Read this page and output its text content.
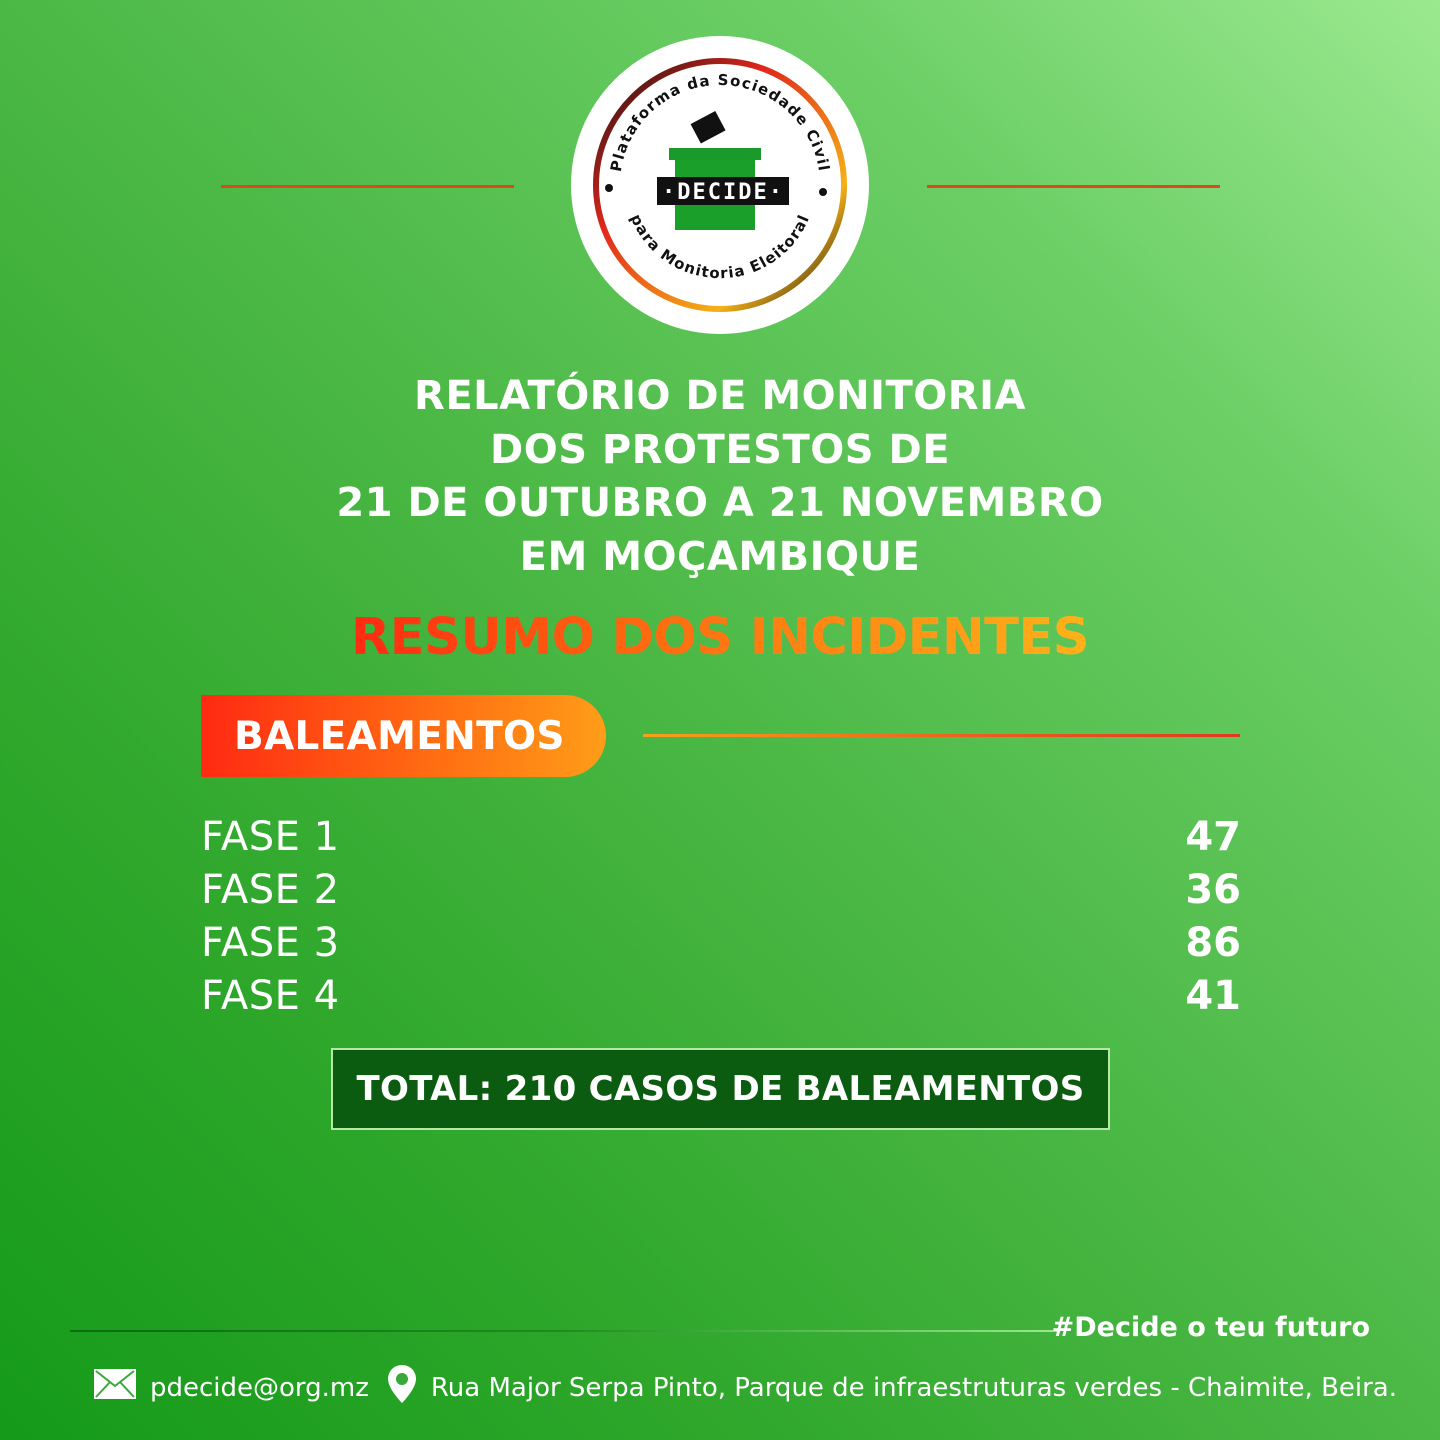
Plataforma da Sociedade Civil
para Monitoria Eleitoral
·DECIDE·
RELATÓRIO DE MONITORIA
DOS PROTESTOS DE
21 DE OUTUBRO A 21 NOVEMBRO
EM MOÇAMBIQUE
RESUMO DOS INCIDENTES
BALEAMENTOS
FASE 1	47
FASE 2	36
FASE 3	86
FASE 4	41
TOTAL: 210 CASOS DE BALEAMENTOS
#Decide o teu futuro
pdecide@org.mz Rua Major Serpa Pinto, Parque de infraestruturas verdes - Chaimite, Beira.
